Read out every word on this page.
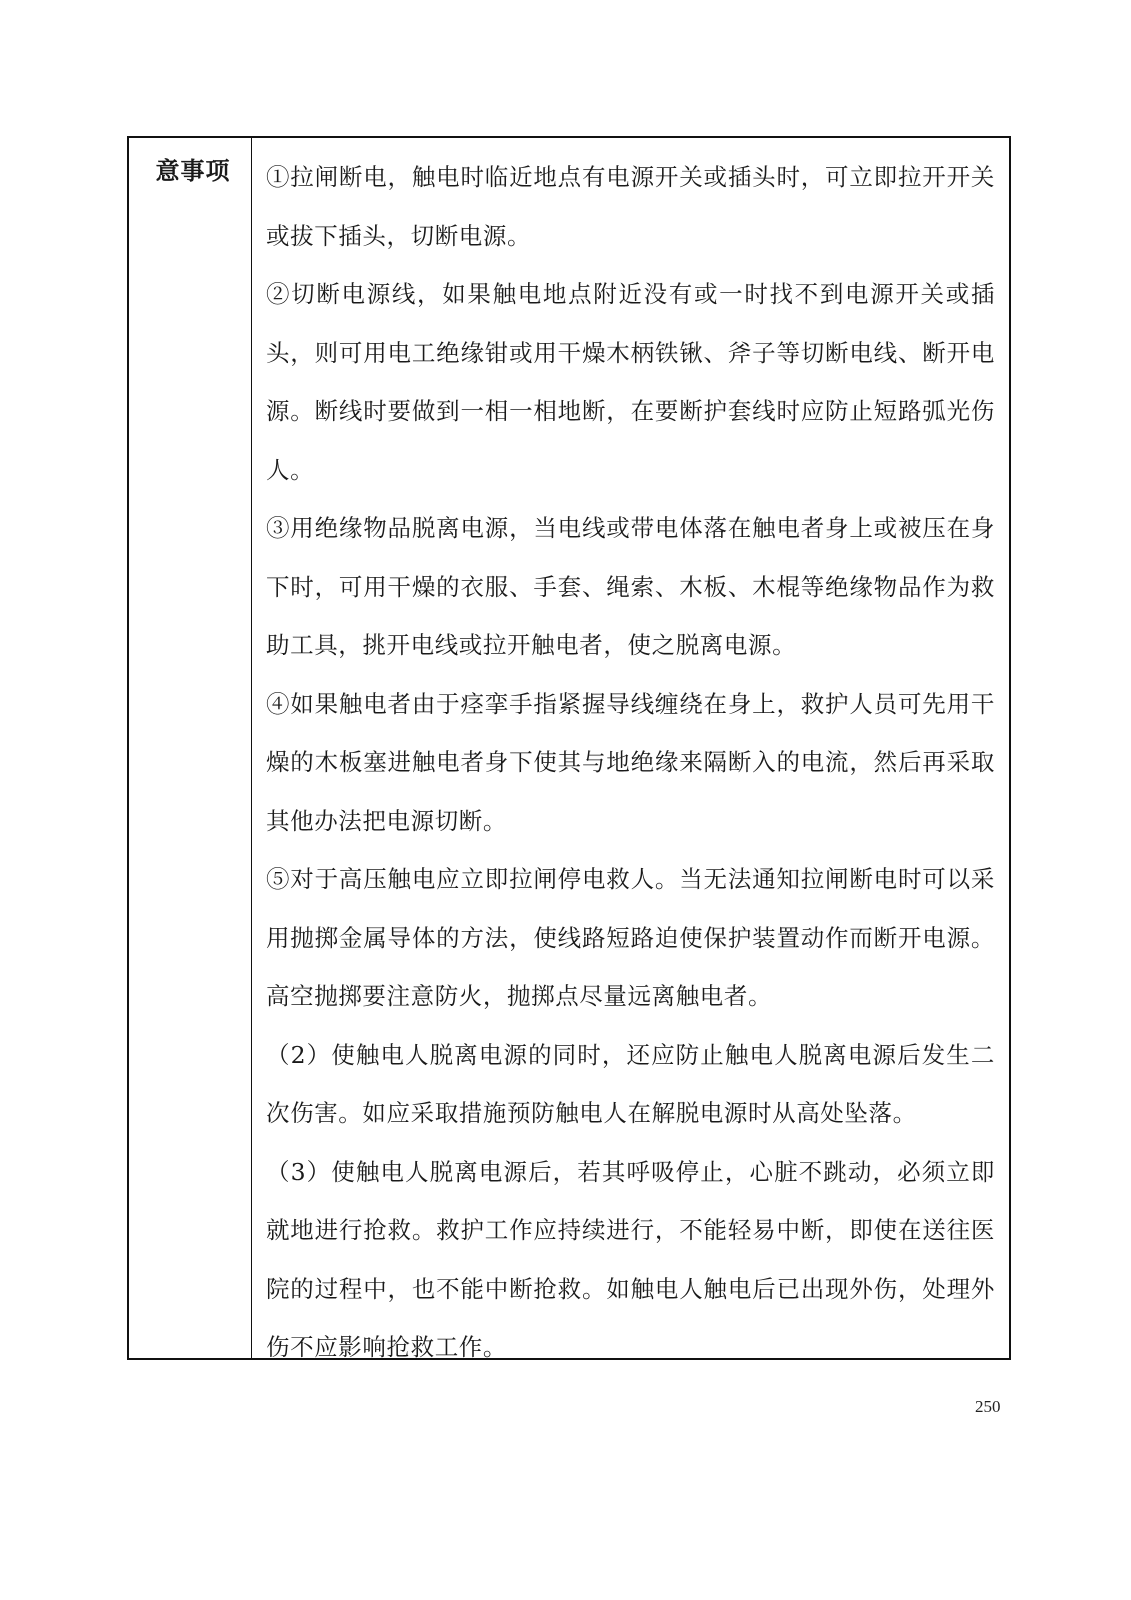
意事项	①拉闸断电，触电时临近地点有电源开关或插头时，可立即拉开开关或拔下插头，切断电源。

②切断电源线，如果触电地点附近没有或一时找不到电源开关或插头，则可用电工绝缘钳或用干燥木柄铁锹、斧子等切断电线、断开电源。断线时要做到一相一相地断，在要断护套线时应防止短路弧光伤人。

③用绝缘物品脱离电源，当电线或带电体落在触电者身上或被压在身下时，可用干燥的衣服、手套、绳索、木板、木棍等绝缘物品作为救助工具，挑开电线或拉开触电者，使之脱离电源。

④如果触电者由于痉挛手指紧握导线缠绕在身上，救护人员可先用干燥的木板塞进触电者身下使其与地绝缘来隔断入的电流，然后再采取其他办法把电源切断。

⑤对于高压触电应立即拉闸停电救人。当无法通知拉闸断电时可以采用抛掷金属导体的方法，使线路短路迫使保护装置动作而断开电源。高空抛掷要注意防火，抛掷点尽量远离触电者。

（2）使触电人脱离电源的同时，还应防止触电人脱离电源后发生二次伤害。如应采取措施预防触电人在解脱电源时从高处坠落。

（3）使触电人脱离电源后，若其呼吸停止，心脏不跳动，必须立即就地进行抢救。救护工作应持续进行，不能轻易中断，即使在送往医院的过程中，也不能中断抢救。如触电人触电后已出现外伤，处理外伤不应影响抢救工作。

250
